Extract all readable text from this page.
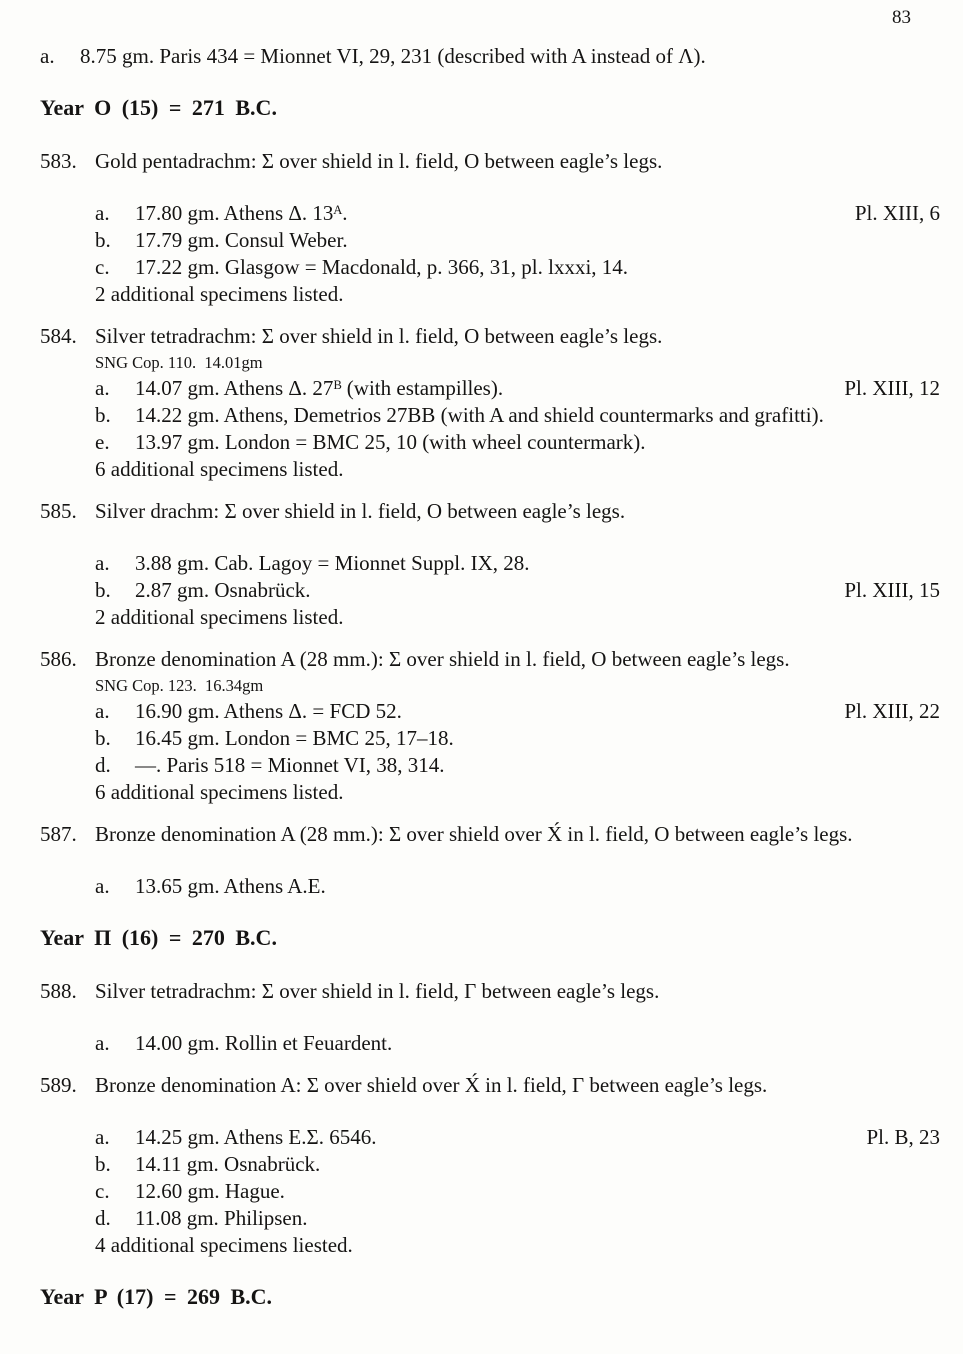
83
a.	8.75 gm. Paris 434 = Mionnet VI, 29, 231 (described with A instead of Λ).
Year O (15) = 271 B.C.
583. Gold pentadrachm: Σ over shield in l. field, O between eagle’s legs.
a.	17.80 gm. Athens Δ. 13ᴬ.	Pl. XIII, 6
b.	17.79 gm. Consul Weber.
c.	17.22 gm. Glasgow = Macdonald, p. 366, 31, pl. lxxxi, 14.
2 additional specimens listed.
584. Silver tetradrachm: Σ over shield in l. field, O between eagle’s legs.
SNG Cop. 110.  14.01gm
a.	14.07 gm. Athens Δ. 27ᴮ (with estampilles).	Pl. XIII, 12
b.	14.22 gm. Athens, Demetrios 27BB (with A and shield countermarks and grafitti).
e.	13.97 gm. London = BMC 25, 10 (with wheel countermark).
6 additional specimens listed.
585. Silver drachm: Σ over shield in l. field, O between eagle’s legs.
a.	3.88 gm. Cab. Lagoy = Mionnet Suppl. IX, 28.
b.	2.87 gm. Osnabrück.	Pl. XIII, 15
2 additional specimens listed.
586. Bronze denomination A (28 mm.): Σ over shield in l. field, O between eagle’s legs.
SNG Cop. 123.  16.34gm
a.	16.90 gm. Athens Δ. = FCD 52.	Pl. XIII, 22
b.	16.45 gm. London = BMC 25, 17–18.
d.	—. Paris 518 = Mionnet VI, 38, 314.
6 additional specimens listed.
587. Bronze denomination A (28 mm.): Σ over shield over X́ in l. field, O between eagle’s legs.
a.	13.65 gm. Athens A.E.
Year Π (16) = 270 B.C.
588. Silver tetradrachm: Σ over shield in l. field, Γ between eagle’s legs.
a.	14.00 gm. Rollin et Feuardent.
589. Bronze denomination A: Σ over shield over X́ in l. field, Γ between eagle’s legs.
a.	14.25 gm. Athens E.Σ. 6546.	Pl. B, 23
b.	14.11 gm. Osnabrück.
c.	12.60 gm. Hague.
d.	11.08 gm. Philipsen.
4 additional specimens liested.
Year P (17) = 269 B.C.
